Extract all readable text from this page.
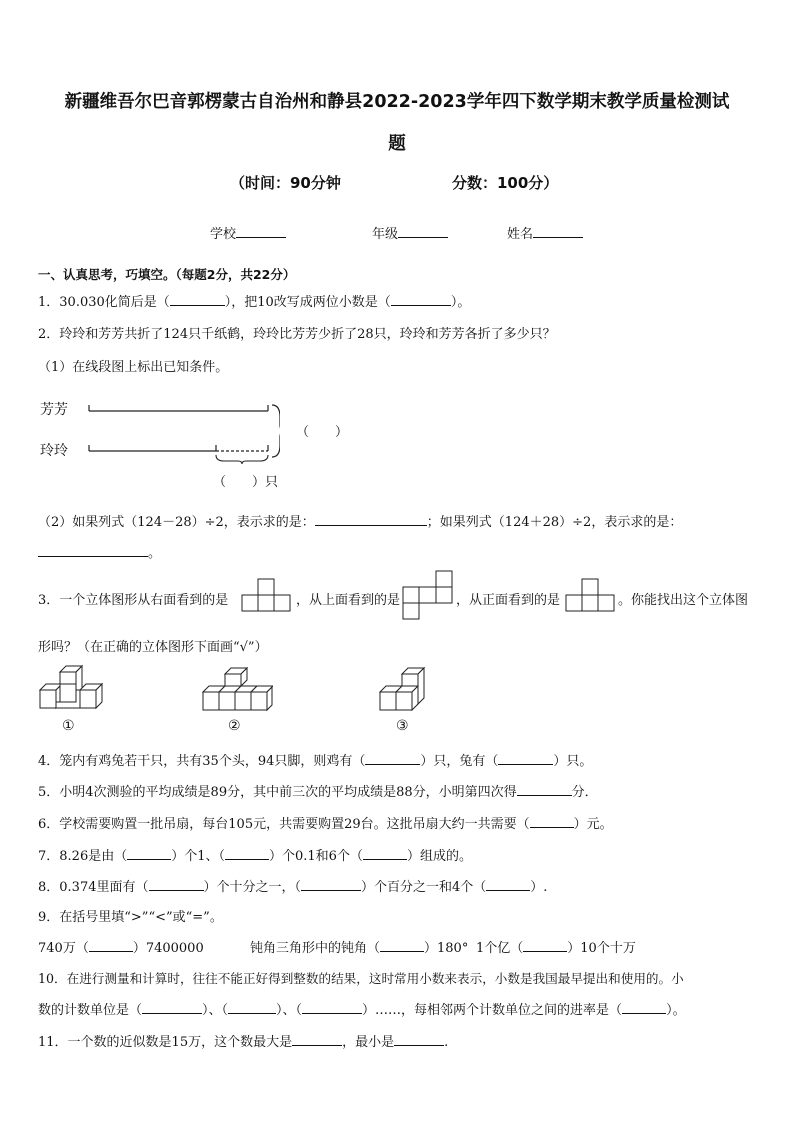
新疆维吾尔巴音郭楞蒙古自治州和静县2022-2023学年四下数学期末教学质量检测试
题
（时间：90分钟	分数：100分）
学校	年级	姓名
一、认真思考，巧填空。（每题2分，共22分）
1．30.030化简后是（	），把10改写成两位小数是（	）。
2．玲玲和芳芳共折了124只千纸鹤，玲玲比芳芳少折了28只，玲玲和芳芳各折了多少只？
（1）在线段图上标出已知条件。
芳芳
玲玲
（　　）
（　　）只
（2）如果列式（124－28）÷2，表示求的是：	；如果列式（124＋28）÷2，表示求的是：
。
3．一个立体图形从右面看到的是	，从上面看到的是	，从正面看到的是	。你能找出这个立体图
形吗？（在正确的立体图形下面画“√”）
①	②	③
4．笼内有鸡兔若干只，共有35个头，94只脚，则鸡有（	）只，兔有（	）只。
5．小明4次测验的平均成绩是89分，其中前三次的平均成绩是88分，小明第四次得	分．
6．学校需要购置一批吊扇，每台105元，共需要购置29台。这批吊扇大约一共需要（	）元。
7．8.26是由（	）个1、（	）个0.1和6个（	）组成的。
8．0.374里面有（	）个十分之一，（	）个百分之一和4个（	）.
9．在括号里填“>”“<”或“=”。
740万（	）7400000	钝角三角形中的钝角（	）180° 1个亿（	）10个十万
10．在进行测量和计算时，往往不能正好得到整数的结果，这时常用小数来表示，小数是我国最早提出和使用的。小
数的计数单位是（	）、（	）、（	）……，每相邻两个计数单位之间的进率是（	）。
11．一个数的近似数是15万，这个数最大是	，最小是	.
